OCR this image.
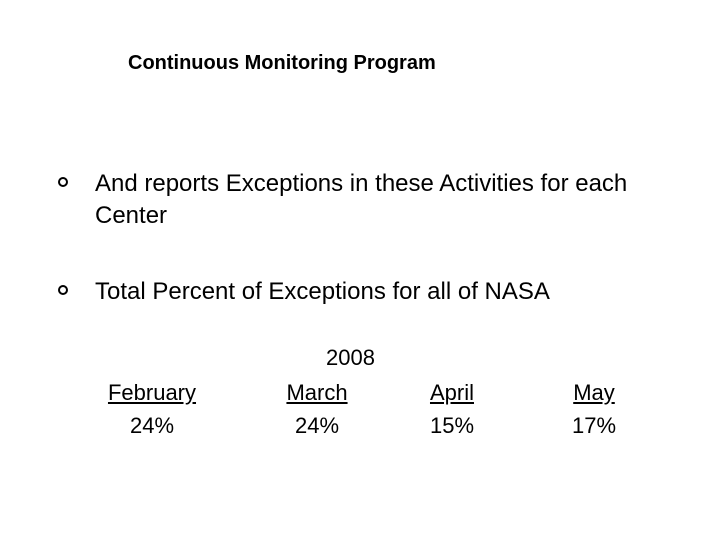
Continuous Monitoring Program
And reports Exceptions in these Activities for each Center
Total Percent of Exceptions for all of NASA
2008
February
24%
March
24%
April
15%
May
17%
